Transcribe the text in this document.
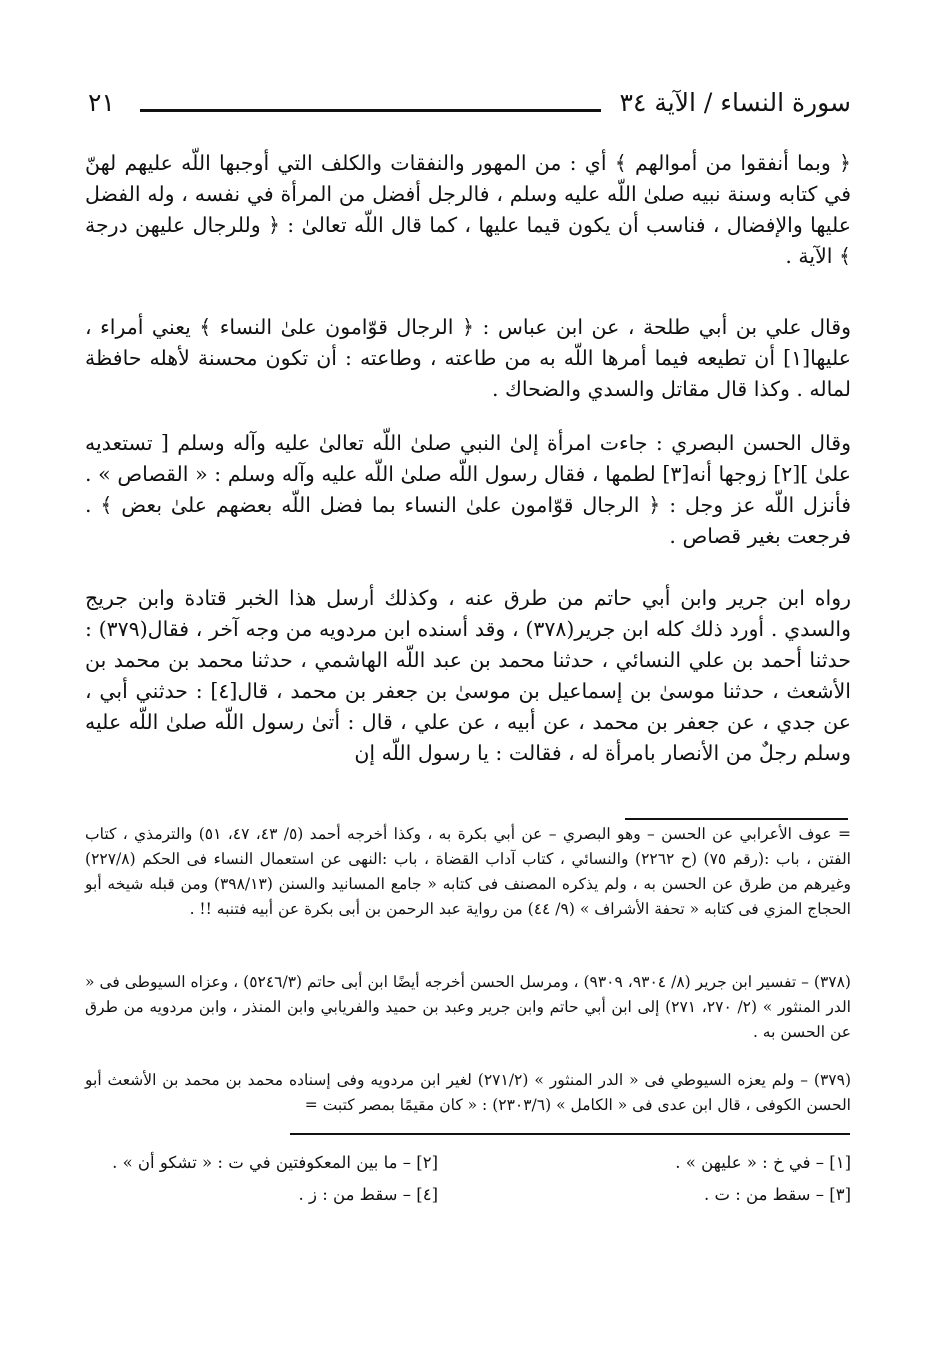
سورة النساء / الآية ٣٤
٢١

﴿ وبما أنفقوا من أموالهم ﴾ أي : من المهور والنفقات والكلف التي أوجبها اللّه عليهم لهنّ في كتابه وسنة نبيه صلىٰ اللّه عليه وسلم ، فالرجل أفضل من المرأة في نفسه ، وله الفضل عليها والإفضال ، فناسب أن يكون قيما عليها ، كما قال اللّه تعالىٰ : ﴿ وللرجال عليهن درجة ﴾ الآية .

وقال علي بن أبي طلحة ، عن ابن عباس : ﴿ الرجال قوّامون علىٰ النساء ﴾ يعني أمراء ، عليها[١] أن تطيعه فيما أمرها اللّه به من طاعته ، وطاعته : أن تكون محسنة لأهله حافظة لماله . وكذا قال مقاتل والسدي والضحاك .

وقال الحسن البصري : جاءت امرأة إلىٰ النبي صلىٰ اللّه تعالىٰ عليه وآله وسلم [ تستعديه علىٰ ][٢] زوجها أنه[٣] لطمها ، فقال رسول اللّه صلىٰ اللّه عليه وآله وسلم : « القصاص » . فأنزل اللّه عز وجل : ﴿ الرجال قوّامون علىٰ النساء بما فضل اللّه بعضهم علىٰ بعض ﴾ . فرجعت بغير قصاص .

رواه ابن جرير وابن أبي حاتم من طرق عنه ، وكذلك أرسل هذا الخبر قتادة وابن جريج والسدي . أورد ذلك كله ابن جرير(٣٧٨) ، وقد أسنده ابن مردويه من وجه آخر ، فقال(٣٧٩) : حدثنا أحمد بن علي النسائي ، حدثنا محمد بن عبد اللّه الهاشمي ، حدثنا محمد بن محمد بن الأشعث ، حدثنا موسىٰ بن إسماعيل بن موسىٰ بن جعفر بن محمد ، قال[٤] : حدثني أبي ، عن جدي ، عن جعفر بن محمد ، عن أبيه ، عن علي ، قال : أتىٰ رسول اللّه صلىٰ اللّه عليه وسلم رجلٌ من الأنصار بامرأة له ، فقالت : يا رسول اللّه إن

= عوف الأعرابي عن الحسن – وهو البصري – عن أبي بكرة به ، وكذا أخرجه أحمد (٥/ ٤٣، ٤٧، ٥١) والترمذي ، كتاب الفتن ، باب :(رقم ٧٥) (ح ٢٢٦٢) والنسائي ، كتاب آداب القضاة ، باب :النهى عن استعمال النساء فى الحكم (٢٢٧/٨) وغيرهم من طرق عن الحسن به ، ولم يذكره المصنف فى كتابه « جامع المسانيد والسنن (٣٩٨/١٣) ومن قبله شيخه أبو الحجاج المزي فى كتابه « تحفة الأشراف » (٩/ ٤٤) من رواية عبد الرحمن بن أبى بكرة عن أبيه فتنبه !! .

(٣٧٨) – تفسير ابن جرير (٨/ ٩٣٠٤، ٩٣٠٩) ، ومرسل الحسن أخرجه أيضًا ابن أبى حاتم (٥٢٤٦/٣) ، وعزاه السيوطى فى « الدر المنثور » (٢/ ٢٧٠، ٢٧١) إلى ابن أبي حاتم وابن جرير وعبد بن حميد والفريابي وابن المنذر ، وابن مردويه من طرق عن الحسن به .

(٣٧٩) – ولم يعزه السيوطي فى « الدر المنثور » (٢٧١/٢) لغير ابن مردويه وفى إسناده محمد بن محمد بن الأشعث أبو الحسن الكوفى ، قال ابن عدى فى « الكامل » (٢٣٠٣/٦) : « كان مقيمًا بمصر كتبت =

[١] – في خ : « عليهن » .
[٢] – ما بين المعكوفتين في ت : « تشكو أن » .
[٣] – سقط من : ت .
[٤] – سقط من : ز .
